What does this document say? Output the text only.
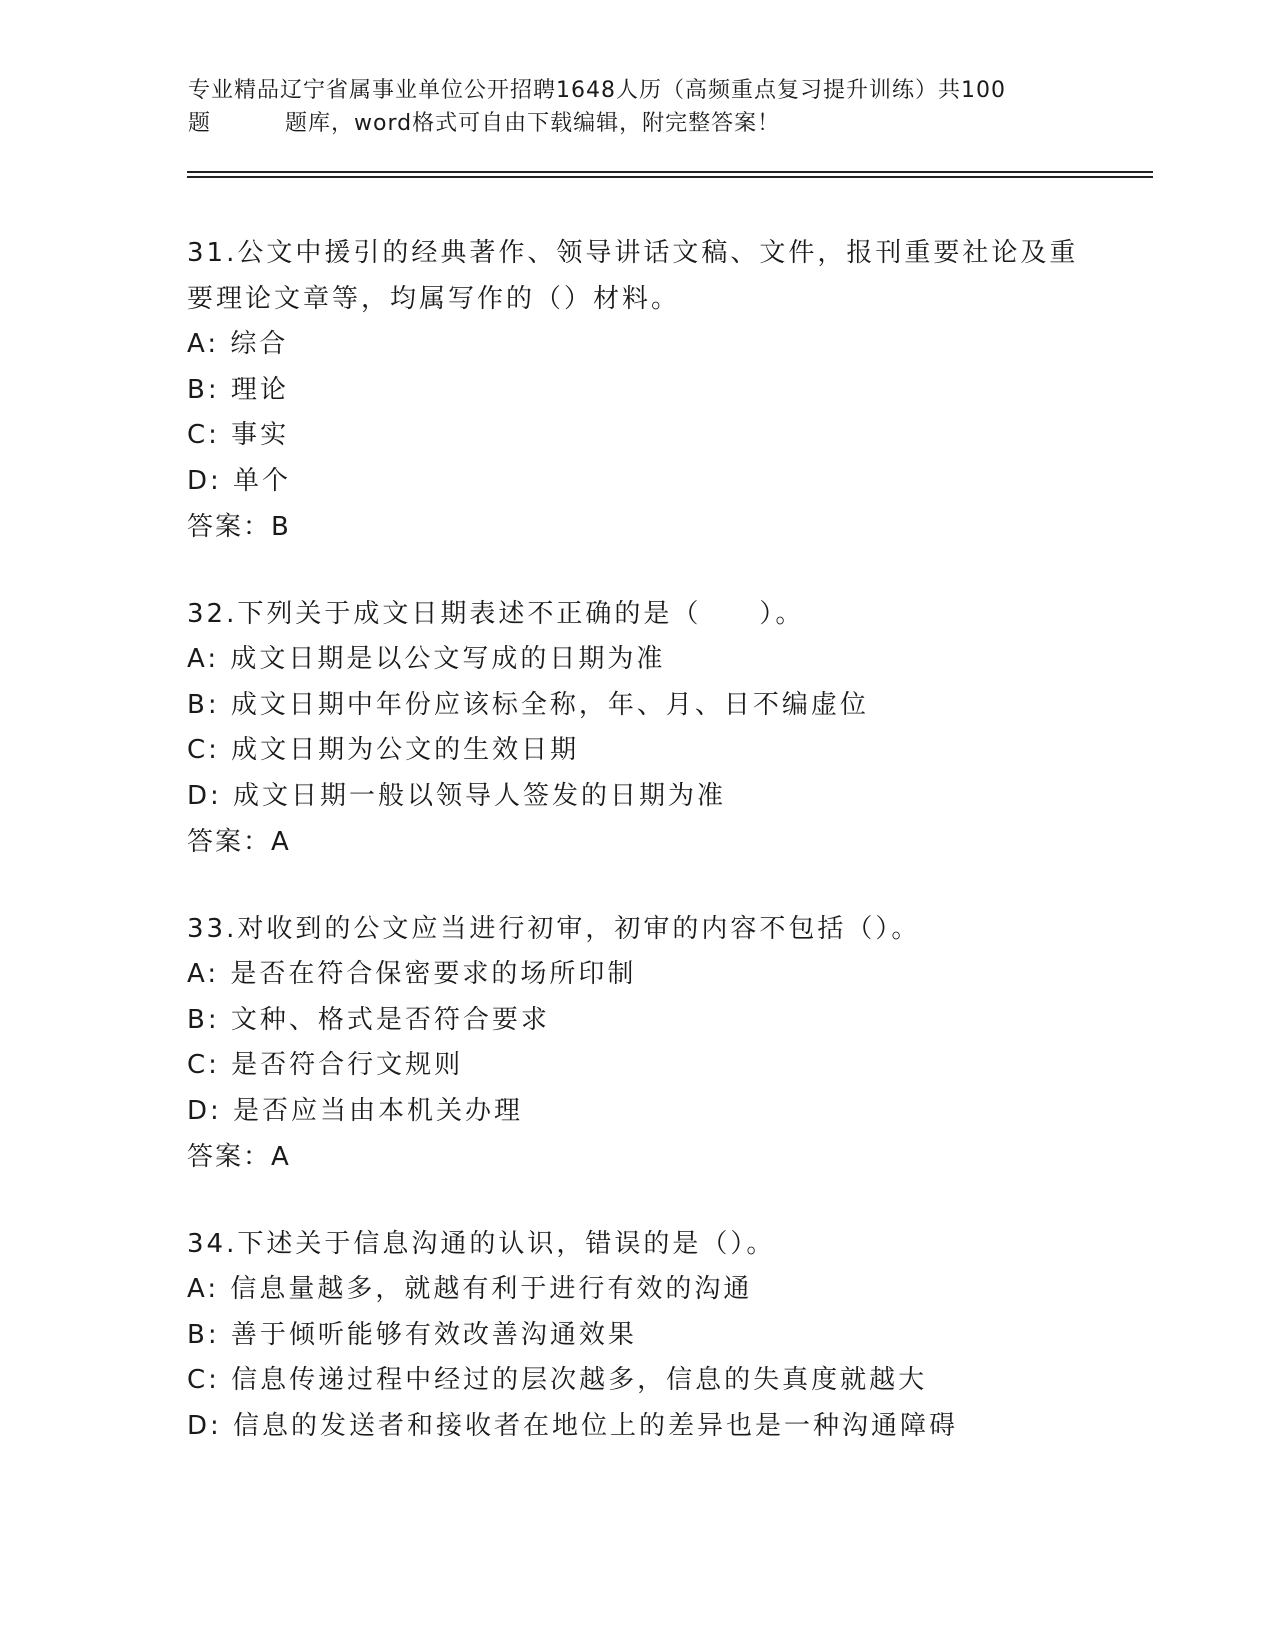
专业精品辽宁省属事业单位公开招聘1648人历（高频重点复习提升训练）共100

题	题库，word格式可自由下载编辑，附完整答案！
31.公文中援引的经典著作、领导讲话文稿、文件，报刊重要社论及重
要理论文章等，均属写作的（）材料。
A: 综合
B: 理论
C: 事实
D: 单个
答案：B
32.下列关于成文日期表述不正确的是（　　）。
A: 成文日期是以公文写成的日期为准
B: 成文日期中年份应该标全称，年、月、日不编虚位
C: 成文日期为公文的生效日期
D: 成文日期一般以领导人签发的日期为准
答案：A
33.对收到的公文应当进行初审，初审的内容不包括（）。
A: 是否在符合保密要求的场所印制
B: 文种、格式是否符合要求
C: 是否符合行文规则
D: 是否应当由本机关办理
答案：A
34.下述关于信息沟通的认识，错误的是（）。
A: 信息量越多，就越有利于进行有效的沟通
B: 善于倾听能够有效改善沟通效果
C: 信息传递过程中经过的层次越多，信息的失真度就越大
D: 信息的发送者和接收者在地位上的差异也是一种沟通障碍
